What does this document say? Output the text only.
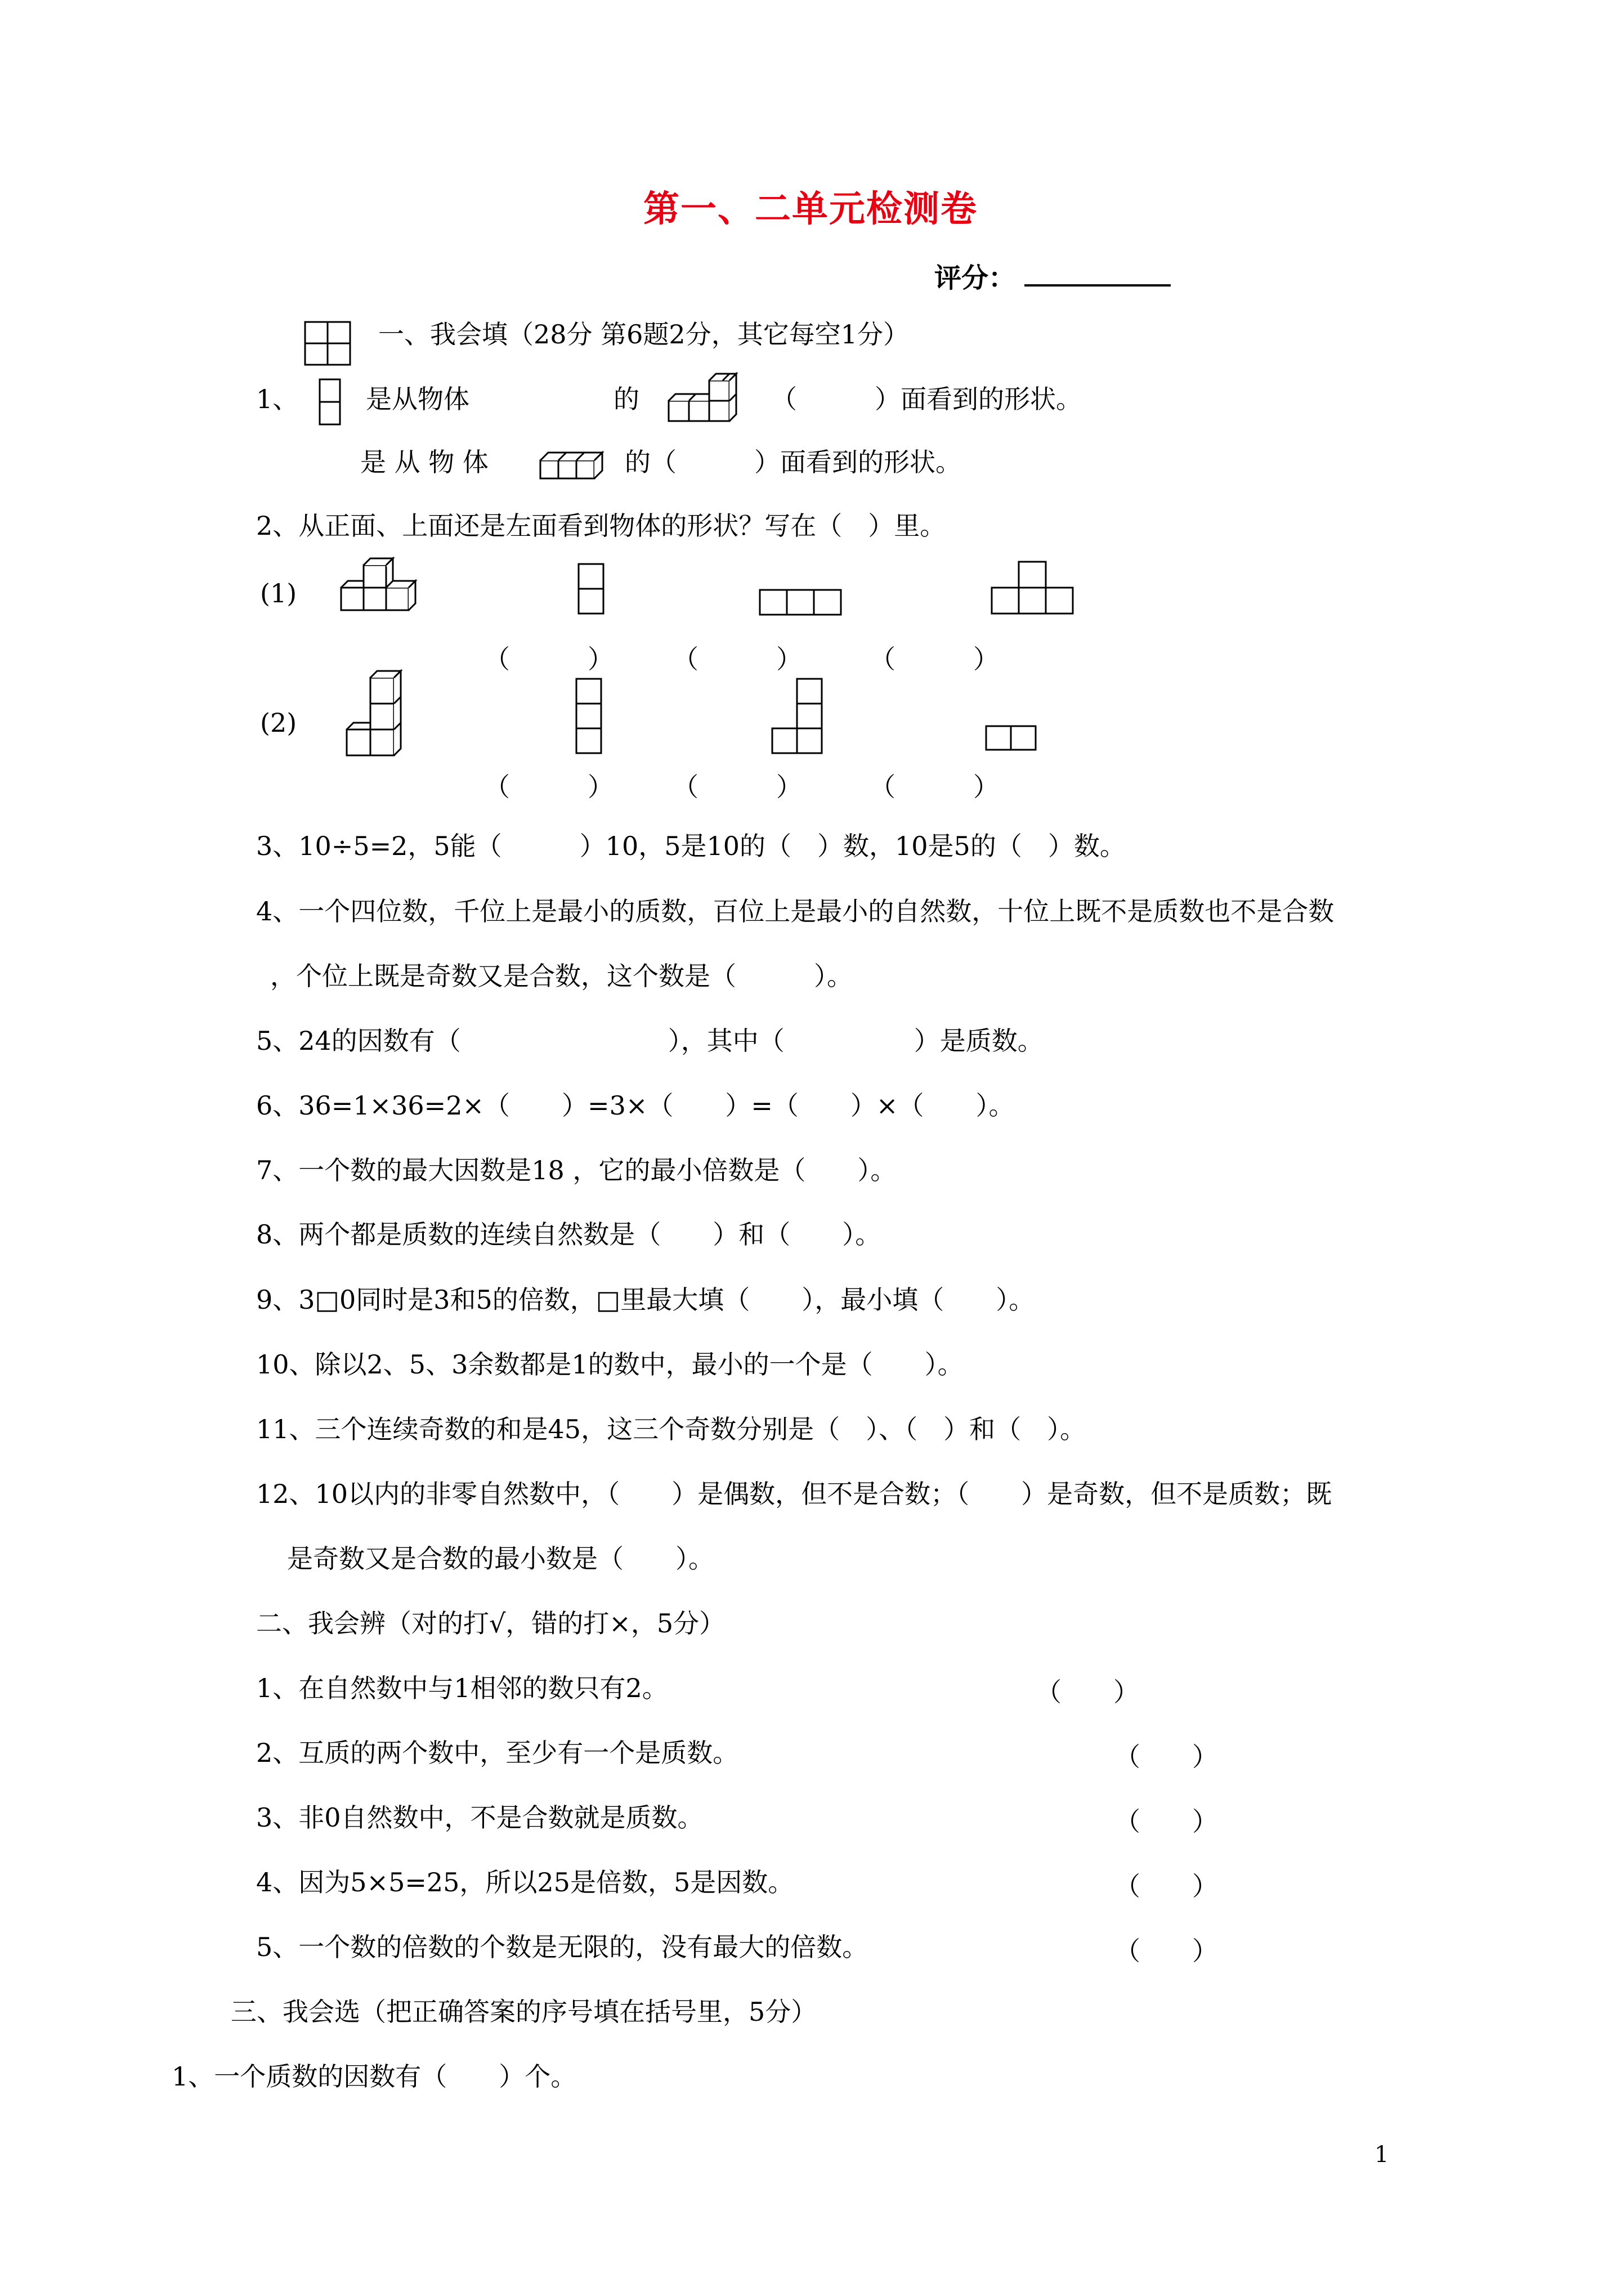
第一、二单元检测卷
评分：
一、我会填（28分 第6题2分，其它每空1分）
1、	是从物体	的	（　　　）面看到的形状。
是 从 物 体	的（　　　）面看到的形状。
2、从正面、上面还是左面看到物体的形状？写在（　）里。
(1)
（　　　） （　　　）	（　　　）
(2)
（　　　） （　　　）	（　　　）
3、10÷5=2，5能（　　　）10，5是10的（　）数，10是5的（　）数。
4、一个四位数，千位上是最小的质数，百位上是最小的自然数，十位上既不是质数也不是合数
，个位上既是奇数又是合数，这个数是（　　　）。
5、24的因数有（　　　　　　　　），其中（　　　　　）是质数。
6、36=1×36=2×（　　）=3×（　　）=（　　）×（　　）。
7、一个数的最大因数是18 ，它的最小倍数是（　　）。
8、两个都是质数的连续自然数是（　　）和（　　）。
9、3□0同时是3和5的倍数，□里最大填（　　），最小填（　　）。
10、除以2、5、3余数都是1的数中，最小的一个是（　　）。
11、三个连续奇数的和是45，这三个奇数分别是（　）、（　）和（　）。
12、10以内的非零自然数中，（　　）是偶数，但不是合数；（　　）是奇数，但不是质数；既
是奇数又是合数的最小数是（　　）。
二、我会辨（对的打√，错的打×，5分）
1、在自然数中与1相邻的数只有2。	（　　）
2、互质的两个数中，至少有一个是质数。	（　　）
3、非0自然数中，不是合数就是质数。	（　　）
4、因为5×5=25，所以25是倍数，5是因数。	（　　）
5、一个数的倍数的个数是无限的，没有最大的倍数。	（　　）
三、我会选（把正确答案的序号填在括号里，5分）
1、一个质数的因数有（　　）个。
1
